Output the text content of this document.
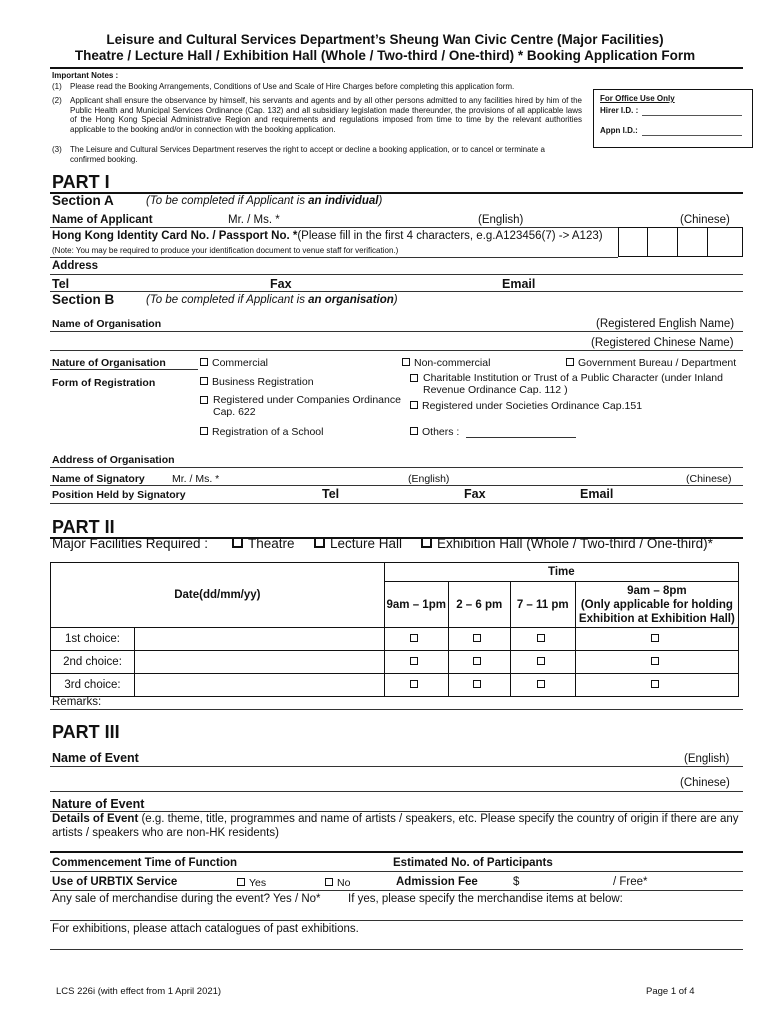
Leisure and Cultural Services Department’s Sheung Wan Civic Centre (Major Facilities)
Theatre / Lecture Hall / Exhibition Hall (Whole / Two-third / One-third) * Booking Application Form
Important Notes :
(1) Please read the Booking Arrangements, Conditions of Use and Scale of Hire Charges before completing this application form.
(2) Applicant shall ensure the observance by himself, his servants and agents and by all other persons admitted to any facilities hired by him of the Public Health and Municipal Services Ordinance (Cap. 132) and all subsidiary legislation made thereunder, the provisions of all applicable laws of the Hong Kong Special Administrative Region and requirements and regulations imposed from time to time by the relevant authorities applicable to the booking and/or in connection with the booking application.
(3) The Leisure and Cultural Services Department reserves the right to accept or decline a booking application, or to cancel or terminate a confirmed booking.
For Office Use Only
Hirer I.D. :
Appn I.D.:
PART I
Section A	(To be completed if Applicant is an individual)
Name of Applicant	Mr. / Ms. *	(English)	(Chinese)
Hong Kong Identity Card No. / Passport No. *(Please fill in the first 4 characters, e.g.A123456(7) -> A123)
(Note: You may be required to produce your identification document to venue staff for verification.)
Address
Tel	Fax	Email
Section B	(To be completed if Applicant is an organisation)
Name of Organisation	(Registered English Name)
(Registered Chinese Name)
Nature of Organisation	Commercial	Non-commercial	Government Bureau / Department
Form of Registration	Business Registration	Charitable Institution or Trust of a Public Character (under Inland Revenue Ordinance Cap. 112 )
Registered under Companies Ordinance Cap. 622	Registered under Societies Ordinance Cap.151
Registration of a School	Others :
Address of Organisation
Name of Signatory	Mr. / Ms. *	(English)	(Chinese)
Position Held by Signatory	Tel	Fax	Email
PART II
Major Facilities Required :	Theatre	Lecture Hall	Exhibition Hall (Whole / Two-third / One-third)*
Date(dd/mm/yy)		Time			
		9am – 1pm	2 – 6 pm	7 – 11 pm	9am – 8pm
(Only applicable for holding
Exhibition at Exhibition Hall)

1st choice:					
2nd choice:					
3rd choice:					
Remarks:
PART III
Name of Event	(English)
(Chinese)
Nature of Event
Details of Event (e.g. theme, title, programmes and name of artists / speakers, etc. Please specify the country of origin if there are any artists / speakers who are non-HK residents)
Commencement Time of Function	Estimated No. of Participants
Use of URBTIX Service	Yes	No	Admission Fee	$	/ Free*
Any sale of merchandise during the event? Yes / No* If yes, please specify the merchandise items at below:
For exhibitions, please attach catalogues of past exhibitions.
LCS 226i (with effect from 1 April 2021)	Page 1 of 4
